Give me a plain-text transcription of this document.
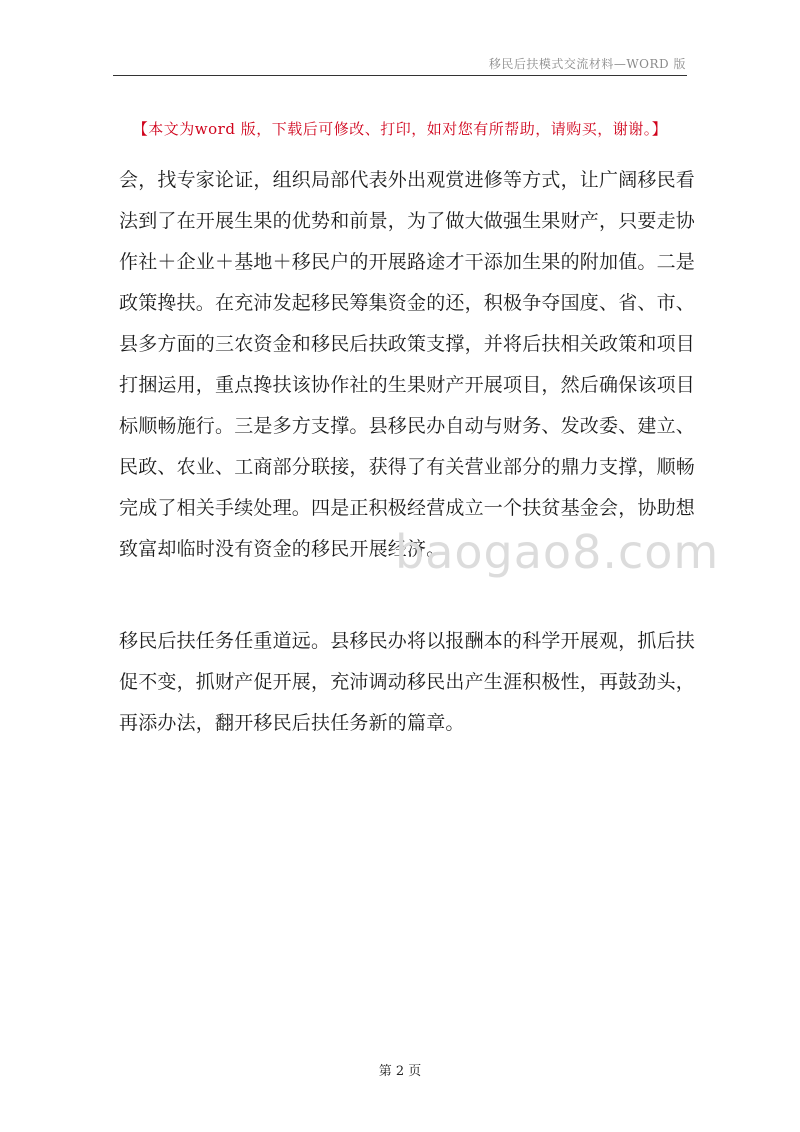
移民后扶模式交流材料—WORD 版
【本文为word 版，下载后可修改、打印，如对您有所帮助，请购买，谢谢。】
会，找专家论证，组织局部代表外出观赏进修等方式，让广阔移民看
法到了在开展生果的优势和前景，为了做大做强生果财产，只要走协
作社＋企业＋基地＋移民户的开展路途才干添加生果的附加值。二是
政策搀扶。在充沛发起移民筹集资金的还，积极争夺国度、省、市、
县多方面的三农资金和移民后扶政策支撑，并将后扶相关政策和项目
打捆运用，重点搀扶该协作社的生果财产开展项目，然后确保该项目
标顺畅施行。三是多方支撑。县移民办自动与财务、发改委、建立、
民政、农业、工商部分联接，获得了有关营业部分的鼎力支撑，顺畅
完成了相关手续处理。四是正积极经营成立一个扶贫基金会，协助想
致富却临时没有资金的移民开展经济。
baogao8.com
移民后扶任务任重道远。县移民办将以报酬本的科学开展观，抓后扶
促不变，抓财产促开展，充沛调动移民出产生涯积极性，再鼓劲头，
再添办法，翻开移民后扶任务新的篇章。
第 2 页
